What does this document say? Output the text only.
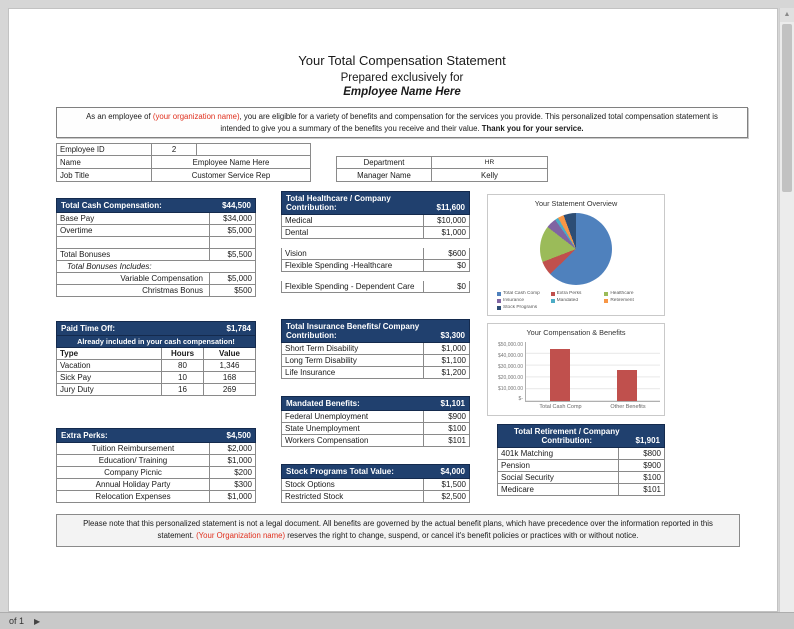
Your Total Compensation Statement
Prepared exclusively for
Employee Name Here
As an employee of (your organization name), you are eligible for a variety of benefits and compensation for the services you provide. This personalized total compensation statement is intended to give you a summary of the benefits you receive and their value. Thank you for your service.
Employee ID	2
Name	Employee Name Here
Job Title	Customer Service Rep
Department	HR
Manager Name	Kelly
Total Cash Compensation:	$44,500
Base Pay	$34,000
Overtime	$5,000
Total Bonuses	$5,500
Total Bonuses Includes:
Variable Compensation	$5,000
Christmas Bonus	$500
Paid Time Off:	$1,784
Already included in your cash compensation!
Type	Hours	Value
Vacation	80	1,346
Sick Pay	10	168
Jury Duty	16	269
Extra Perks:	$4,500
Tuition Reimbursement	$2,000
Education/ Training	$1,000
Company Picnic	$200
Annual Holiday Party	$300
Relocation Expenses	$1,000
Total Healthcare / Company Contribution:	$11,600
Medical	$10,000
Dental	$1,000
Vision	$600
Flexible Spending -Healthcare	$0
Flexible Spending - Dependent Care	$0
Total Insurance Benefits/ Company Contribution:	$3,300
Short Term Disability	$1,000
Long Term Disability	$1,100
Life Insurance	$1,200
Mandated Benefits:	$1,101
Federal Unemployment	$900
State Unemployment	$100
Workers Compensation	$101
Stock Programs Total Value:	$4,000
Stock Options	$1,500
Restricted Stock	$2,500
Your Statement Overview
Total Cash Comp	Extra Perks	Healthcare
Insurance	Mandated	Retirement
Stock Programs
Your Compensation & Benefits
$50,000.00
$40,000.00
$30,000.00
$20,000.00
$10,000.00
$-
Total Cash Comp	Other Benefits
Total Retirement / Company Contribution:	$1,901
401k Matching	$800
Pension	$900
Social Security	$100
Medicare	$101
Please note that this personalized statement is not a legal document. All benefits are governed by the actual benefit plans, which have precedence over the information reported in this statement. (Your Organization name) reserves the right to change, suspend, or cancel it's benefit policies or practices with or without notice.
▲
of 1 ▶
